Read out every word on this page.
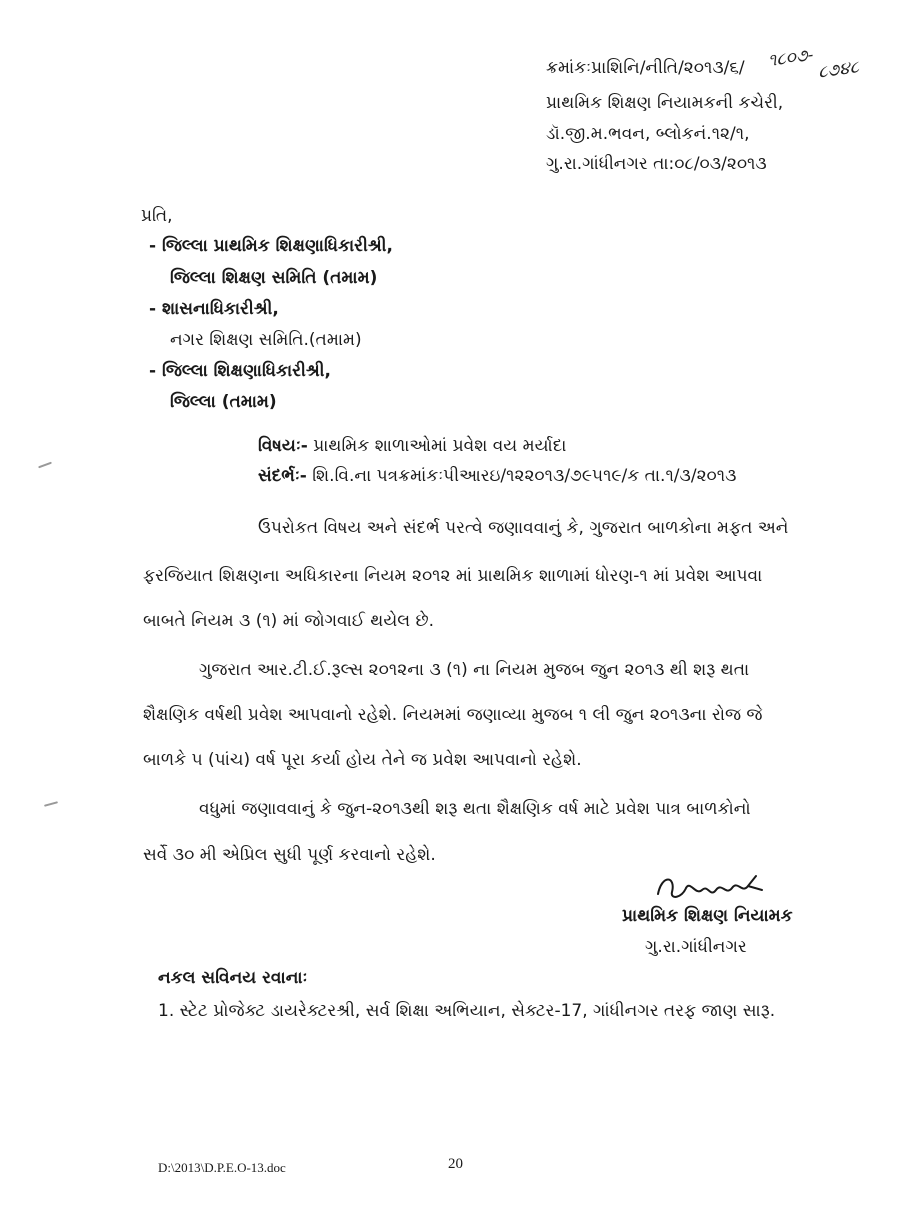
ક્રમાંકઃપ્રાશિનિ/નીતિ/૨૦૧૩/૬/ ૧૮૦૭- ૮૭૪૮
પ્રાથમિક શિક્ષણ નિયામકની કચેરી,
ડૉ.જી.મ.ભવન, બ્લોકનં.૧૨/૧,
ગુ.રા.ગાંધીનગર તા:૦૮/૦૩/૨૦૧૩
પ્રતિ,
- જિલ્લા પ્રાથમિક શિક્ષણાધિકારીશ્રી,
જિલ્લા શિક્ષણ સમિતિ (તમામ)
- શાસનાધિકારીશ્રી,
નગર શિક્ષણ સમિતિ.(તમામ)
- જિલ્લા શિક્ષણાધિકારીશ્રી,
જિલ્લા (તમામ)
વિષયઃ- પ્રાથમિક શાળાઓમાં પ્રવેશ વય મર્યાદા
સંદર્ભઃ- શિ.વિ.ના પત્રક્રમાંકઃપીઆરઇ/૧૨૨૦૧૩/૭૯૫૧૯/ક તા.૧/૩/૨૦૧૩
ઉપરોકત વિષય અને સંદર્ભ પરત્વે જણાવવાનું કે, ગુજરાત બાળકોના મફત અને
ફરજિયાત શિક્ષણના અધિકારના નિયમ ૨૦૧૨ માં પ્રાથમિક શાળામાં ધોરણ-૧ માં પ્રવેશ આપવા
બાબતે નિયમ ૩ (૧) માં જોગવાઈ થયેલ છે.
ગુજરાત આર.ટી.ઈ.રૂલ્સ ૨૦૧૨ના ૩ (૧) ના નિયમ મુજબ જુન ૨૦૧૩ થી શરૂ થતા
શૈક્ષણિક વર્ષથી પ્રવેશ આપવાનો રહેશે. નિયમમાં જણાવ્યા મુજબ ૧ લી જુન ૨૦૧૩ના રોજ જે
બાળકે ૫ (પાંચ) વર્ષ પૂરા કર્યા હોય તેને જ પ્રવેશ આપવાનો રહેશે.
વધુમાં જણાવવાનું કે જુન-૨૦૧૩થી શરૂ થતા શૈક્ષણિક વર્ષ માટે પ્રવેશ પાત્ર બાળકોનો
સર્વે ૩૦ મી એપ્રિલ સુધી પૂર્ણ કરવાનો રહેશે.
પ્રાથમિક શિક્ષણ નિયામક
ગુ.રા.ગાંધીનગર
નકલ સવિનય રવાનાઃ
1. સ્ટેટ પ્રોજેક્ટ ડાયરેક્ટરશ્રી, સર્વ શિક્ષા અભિયાન, સેક્ટર-17, ગાંધીનગર તરફ જાણ સારૂ.
D:\2013\D.P.E.O-13.doc	20
